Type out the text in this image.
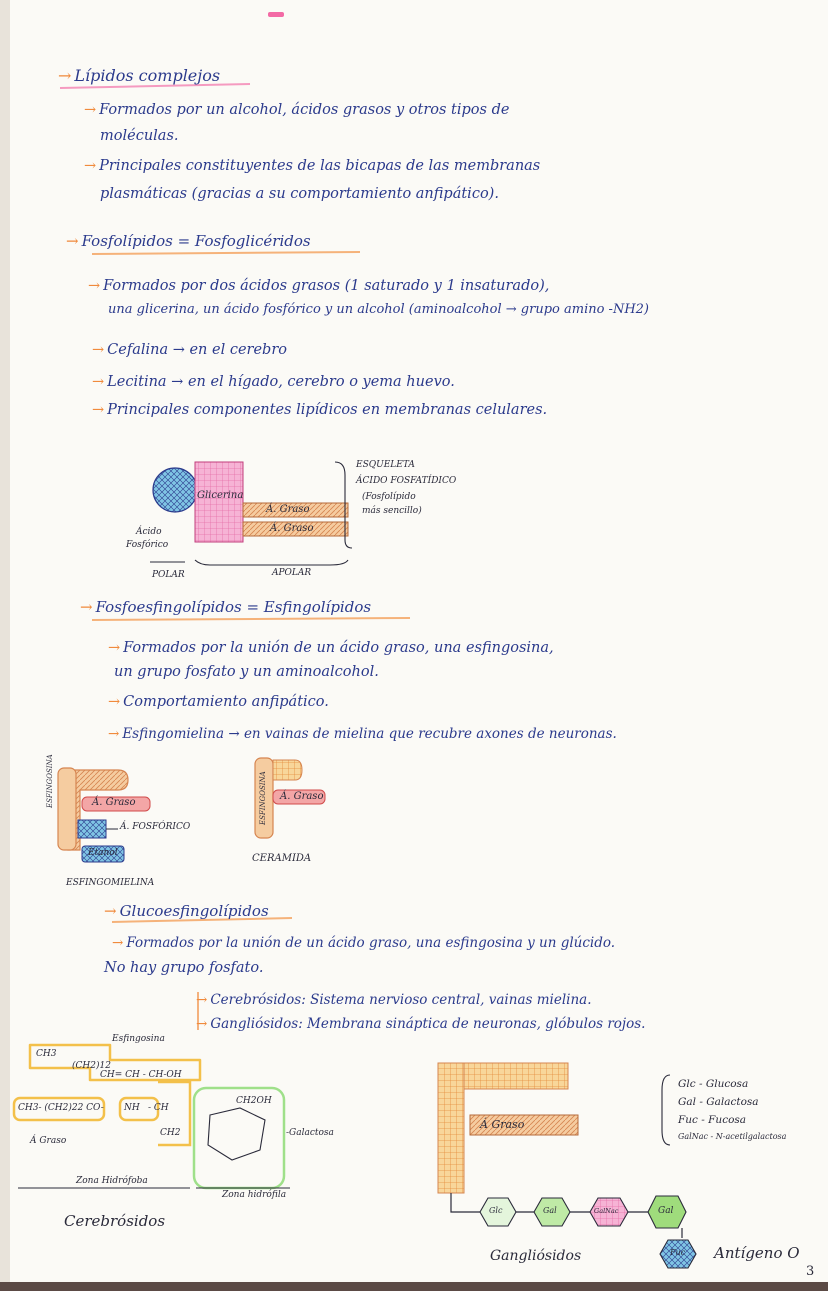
→ Lípidos complejos
→ Formados por un alcohol, ácidos grasos y otros tipos de
moléculas.
→ Principales constituyentes de las bicapas de las membranas
plasmáticas (gracias a su comportamiento anfipático).
→ Fosfolípidos = Fosfoglicéridos
→ Formados por dos ácidos grasos (1 saturado y 1 insaturado),
una glicerina, un ácido fosfórico y un alcohol (aminoalcohol → grupo amino -NH2)
→ Cefalina → en el cerebro
→ Lecitina → en el hígado, cerebro o yema huevo.
→ Principales componentes lipídicos en membranas celulares.
Glicerina
Á. Graso
Á. Graso
Ácido
Fosfórico
ESQUELETA
ÁCIDO FOSFATÍDICO
(Fosfolípido
más sencillo)
POLAR	APOLAR
→ Fosfoesfingolípidos = Esfingolípidos
→ Formados por la unión de un ácido graso, una esfingosina,
un grupo fosfato y un aminoalcohol.
→ Comportamiento anfipático.
→ Esfingomielina → en vainas de mielina que recubre axones de neuronas.
ESFINGOSINA	Á. Graso
Á. FOSFÓRICO
Etanol
ESFINGOMIELINA
ESFINGOSINA Á. Graso
CERAMIDA
→ Glucoesfingolípidos
→ Formados por la unión de un ácido graso, una esfingosina y un glúcido.
No hay grupo fosfato.
→ Cerebrósidos: Sistema nervioso central, vainas mielina.
→ Gangliósidos: Membrana sináptica de neuronas, glóbulos rojos.
Esfingosina
CH3
(CH2)12
CH= CH - CH-OH
CH3- (CH2)22 CO- NH - CH
CH2
CH2OH
-Galactosa
Á Graso
Zona Hidrófoba
Zona hidrófila
Cerebrósidos
Á Graso
Glc	Gal	GalNac	Gal
Fuc
Glc - Glucosa
Gal - Galactosa
Fuc - Fucosa
GalNac - N-acetilgalactosa
Gangliósidos	Antígeno O
3
